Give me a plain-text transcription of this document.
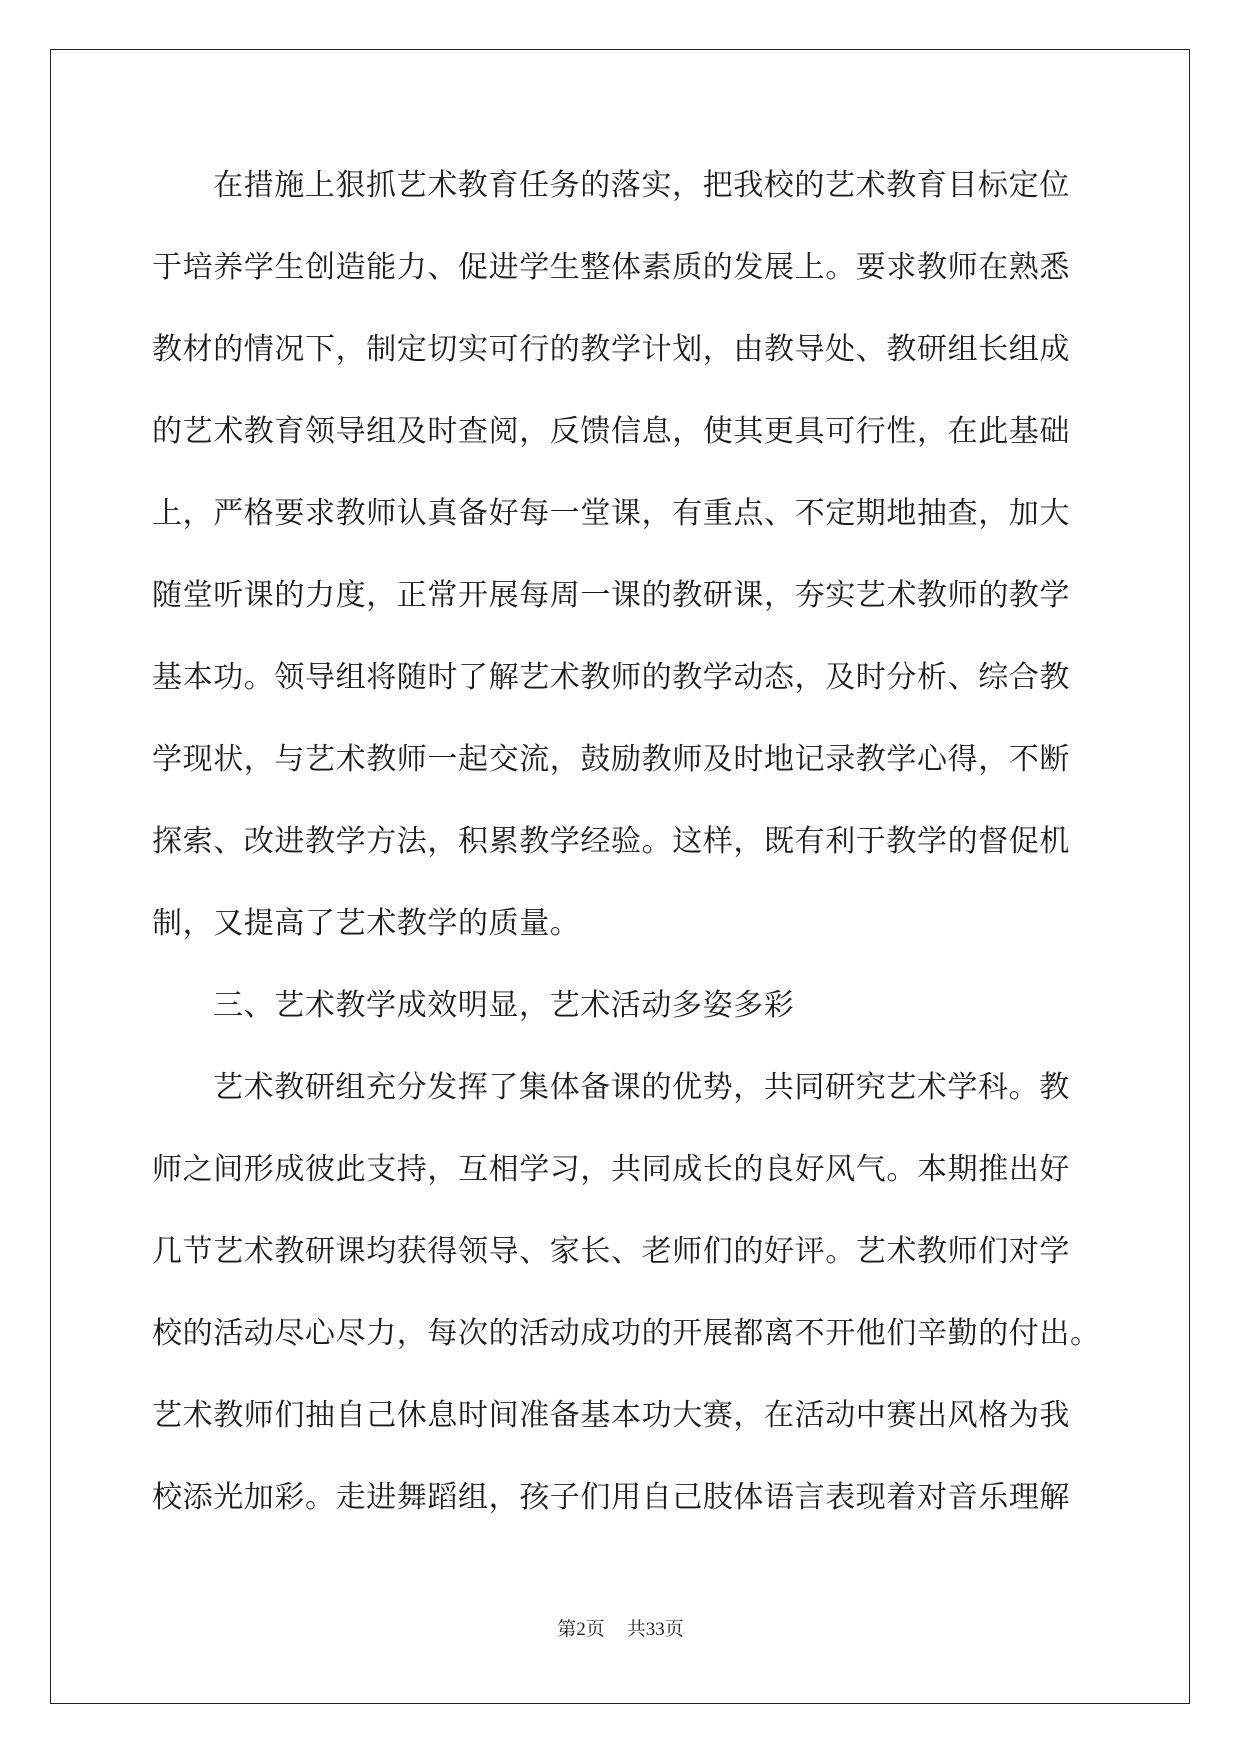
在措施上狠抓艺术教育任务的落实，把我校的艺术教育目标定位
于培养学生创造能力、促进学生整体素质的发展上。要求教师在熟悉
教材的情况下，制定切实可行的教学计划，由教导处、教研组长组成
的艺术教育领导组及时查阅，反馈信息，使其更具可行性，在此基础
上，严格要求教师认真备好每一堂课，有重点、不定期地抽查，加大
随堂听课的力度，正常开展每周一课的教研课，夯实艺术教师的教学
基本功。领导组将随时了解艺术教师的教学动态，及时分析、综合教
学现状，与艺术教师一起交流，鼓励教师及时地记录教学心得，不断
探索、改进教学方法，积累教学经验。这样，既有利于教学的督促机
制，又提高了艺术教学的质量。
三、艺术教学成效明显，艺术活动多姿多彩
艺术教研组充分发挥了集体备课的优势，共同研究艺术学科。教
师之间形成彼此支持，互相学习，共同成长的良好风气。本期推出好
几节艺术教研课均获得领导、家长、老师们的好评。艺术教师们对学
校的活动尽心尽力，每次的活动成功的开展都离不开他们辛勤的付出。
艺术教师们抽自己休息时间准备基本功大赛，在活动中赛出风格为我
校添光加彩。走进舞蹈组，孩子们用自己肢体语言表现着对音乐理解
第2页 共33页
